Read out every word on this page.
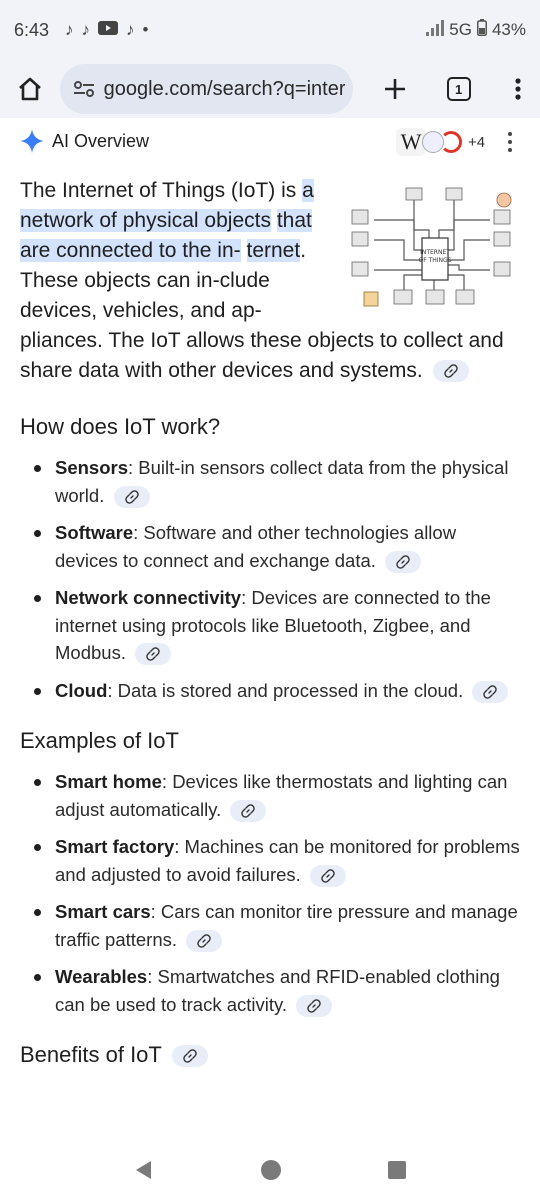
6:43 ♪ ♪ ♪ •	5G 43%
google.com/search?q=inter	1
AI Overview	W	+4
INTERNET
OF THINGS
The Internet of Things (IoT) is a network of physical objects that are connected to the in- ternet. These objects can in-clude devices, vehicles, and ap-pliances. The IoT allows these objects to collect and share data with other devices and systems.
How does IoT work?
Sensors: Built-in sensors collect data from the physical world.
Software: Software and other technologies allow devices to connect and exchange data.
Network connectivity: Devices are connected to the internet using protocols like Bluetooth, Zigbee, and Modbus.
Cloud: Data is stored and processed in the cloud.
Examples of IoT
Smart home: Devices like thermostats and lighting can adjust automatically.
Smart factory: Machines can be monitored for problems and adjusted to avoid failures.
Smart cars: Cars can monitor tire pressure and manage traffic patterns.
Wearables: Smartwatches and RFID-enabled clothing can be used to track activity.
Benefits of IoT
